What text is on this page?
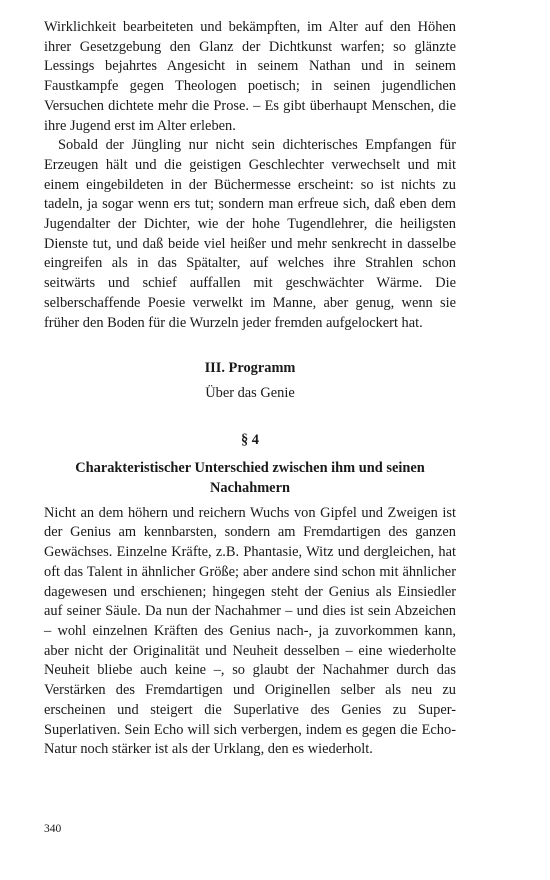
Wirklichkeit bearbeiteten und bekämpften, im Alter auf den Höhen ihrer Gesetzgebung den Glanz der Dichtkunst warfen; so glänzte Lessings bejahrtes Angesicht in seinem Nathan und in seinem Faustkampfe gegen Theologen poetisch; in seinen jugendlichen Versuchen dichtete mehr die Prose. – Es gibt überhaupt Menschen, die ihre Jugend erst im Alter erleben.

Sobald der Jüngling nur nicht sein dichterisches Empfangen für Erzeugen hält und die geistigen Geschlechter verwechselt und mit einem eingebildeten in der Büchermesse erscheint: so ist nichts zu tadeln, ja sogar wenn ers tut; sondern man erfreue sich, daß eben dem Jugendalter der Dichter, wie der hohe Tugendlehrer, die heiligsten Dienste tut, und daß beide viel heißer und mehr senkrecht in dasselbe eingreifen als in das Spätalter, auf welches ihre Strahlen schon seitwärts und schief auffallen mit geschwächter Wärme. Die selberschaffende Poesie verwelkt im Manne, aber genug, wenn sie früher den Boden für die Wurzeln jeder fremden aufgelockert hat.

III. Programm
Über das Genie
§ 4
Charakteristischer Unterschied zwischen ihm und seinen Nachahmern

Nicht an dem höhern und reichern Wuchs von Gipfel und Zweigen ist der Genius am kennbarsten, sondern am Fremdartigen des ganzen Gewächses. Einzelne Kräfte, z.B. Phantasie, Witz und dergleichen, hat oft das Talent in ähnlicher Größe; aber andere sind schon mit ähnlicher dagewesen und erschienen; hingegen steht der Genius als Einsiedler auf seiner Säule. Da nun der Nachahmer – und dies ist sein Abzeichen – wohl einzelnen Kräften des Genius nach-, ja zuvorkommen kann, aber nicht der Originalität und Neuheit desselben – eine wiederholte Neuheit bliebe auch keine –, so glaubt der Nachahmer durch das Verstärken des Fremdartigen und Originellen selber als neu zu erscheinen und steigert die Superlative des Genies zu Super-Superlativen. Sein Echo will sich verbergen, indem es gegen die Echo-Natur noch stärker ist als der Urklang, den es wiederholt.

340
